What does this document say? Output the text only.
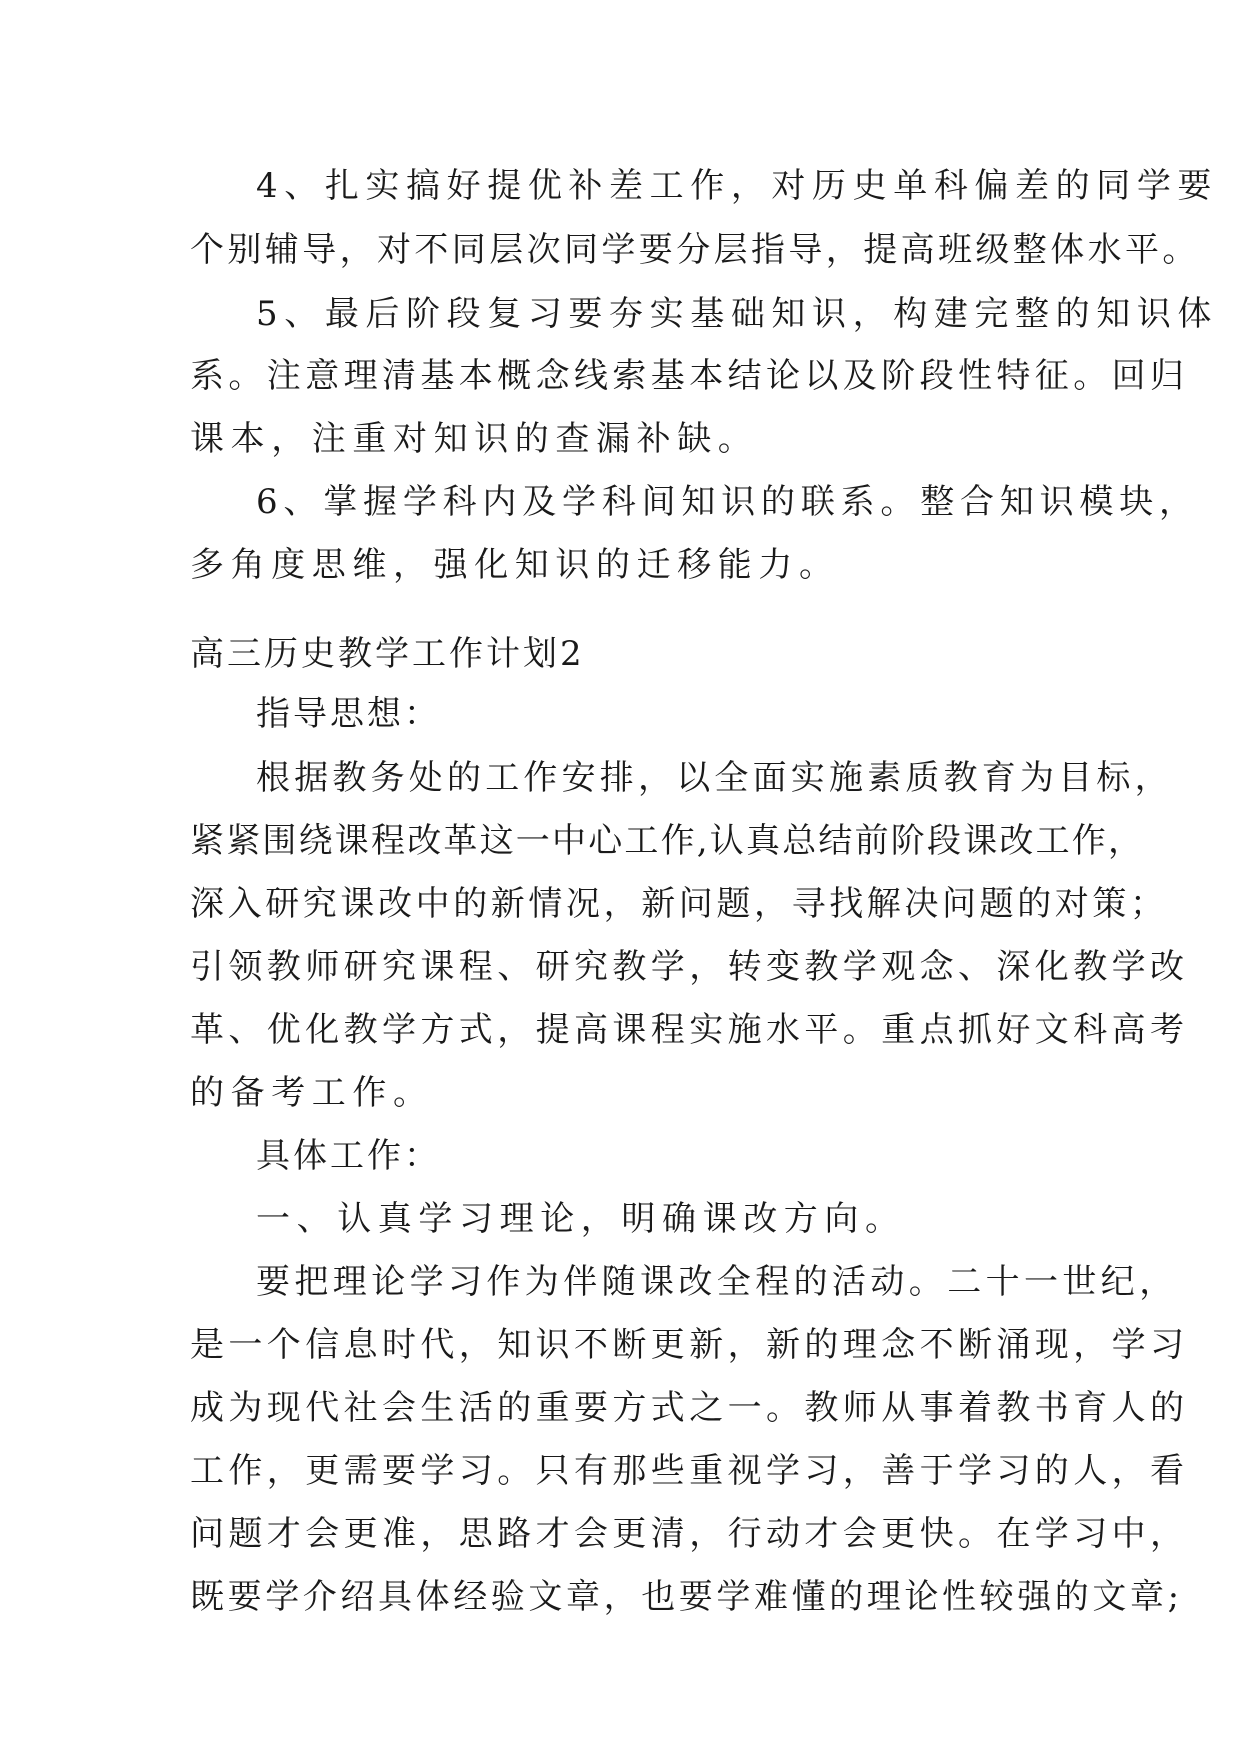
4、扎实搞好提优补差工作，对历史单科偏差的同学要
个别辅导，对不同层次同学要分层指导，提高班级整体水平。
5、最后阶段复习要夯实基础知识，构建完整的知识体
系。注意理清基本概念线索基本结论以及阶段性特征。回归
课本，注重对知识的查漏补缺。
6、掌握学科内及学科间知识的联系。整合知识模块，
多角度思维，强化知识的迁移能力。
高三历史教学工作计划2
指导思想：
根据教务处的工作安排，以全面实施素质教育为目标，
紧紧围绕课程改革这一中心工作,认真总结前阶段课改工作，
深入研究课改中的新情况，新问题，寻找解决问题的对策；
引领教师研究课程、研究教学，转变教学观念、深化教学改
革、优化教学方式，提高课程实施水平。重点抓好文科高考
的备考工作。
具体工作：
一、认真学习理论，明确课改方向。
要把理论学习作为伴随课改全程的活动。二十一世纪，
是一个信息时代，知识不断更新，新的理念不断涌现，学习
成为现代社会生活的重要方式之一。教师从事着教书育人的
工作，更需要学习。只有那些重视学习，善于学习的人，看
问题才会更准，思路才会更清，行动才会更快。在学习中，
既要学介绍具体经验文章，也要学难懂的理论性较强的文章;
